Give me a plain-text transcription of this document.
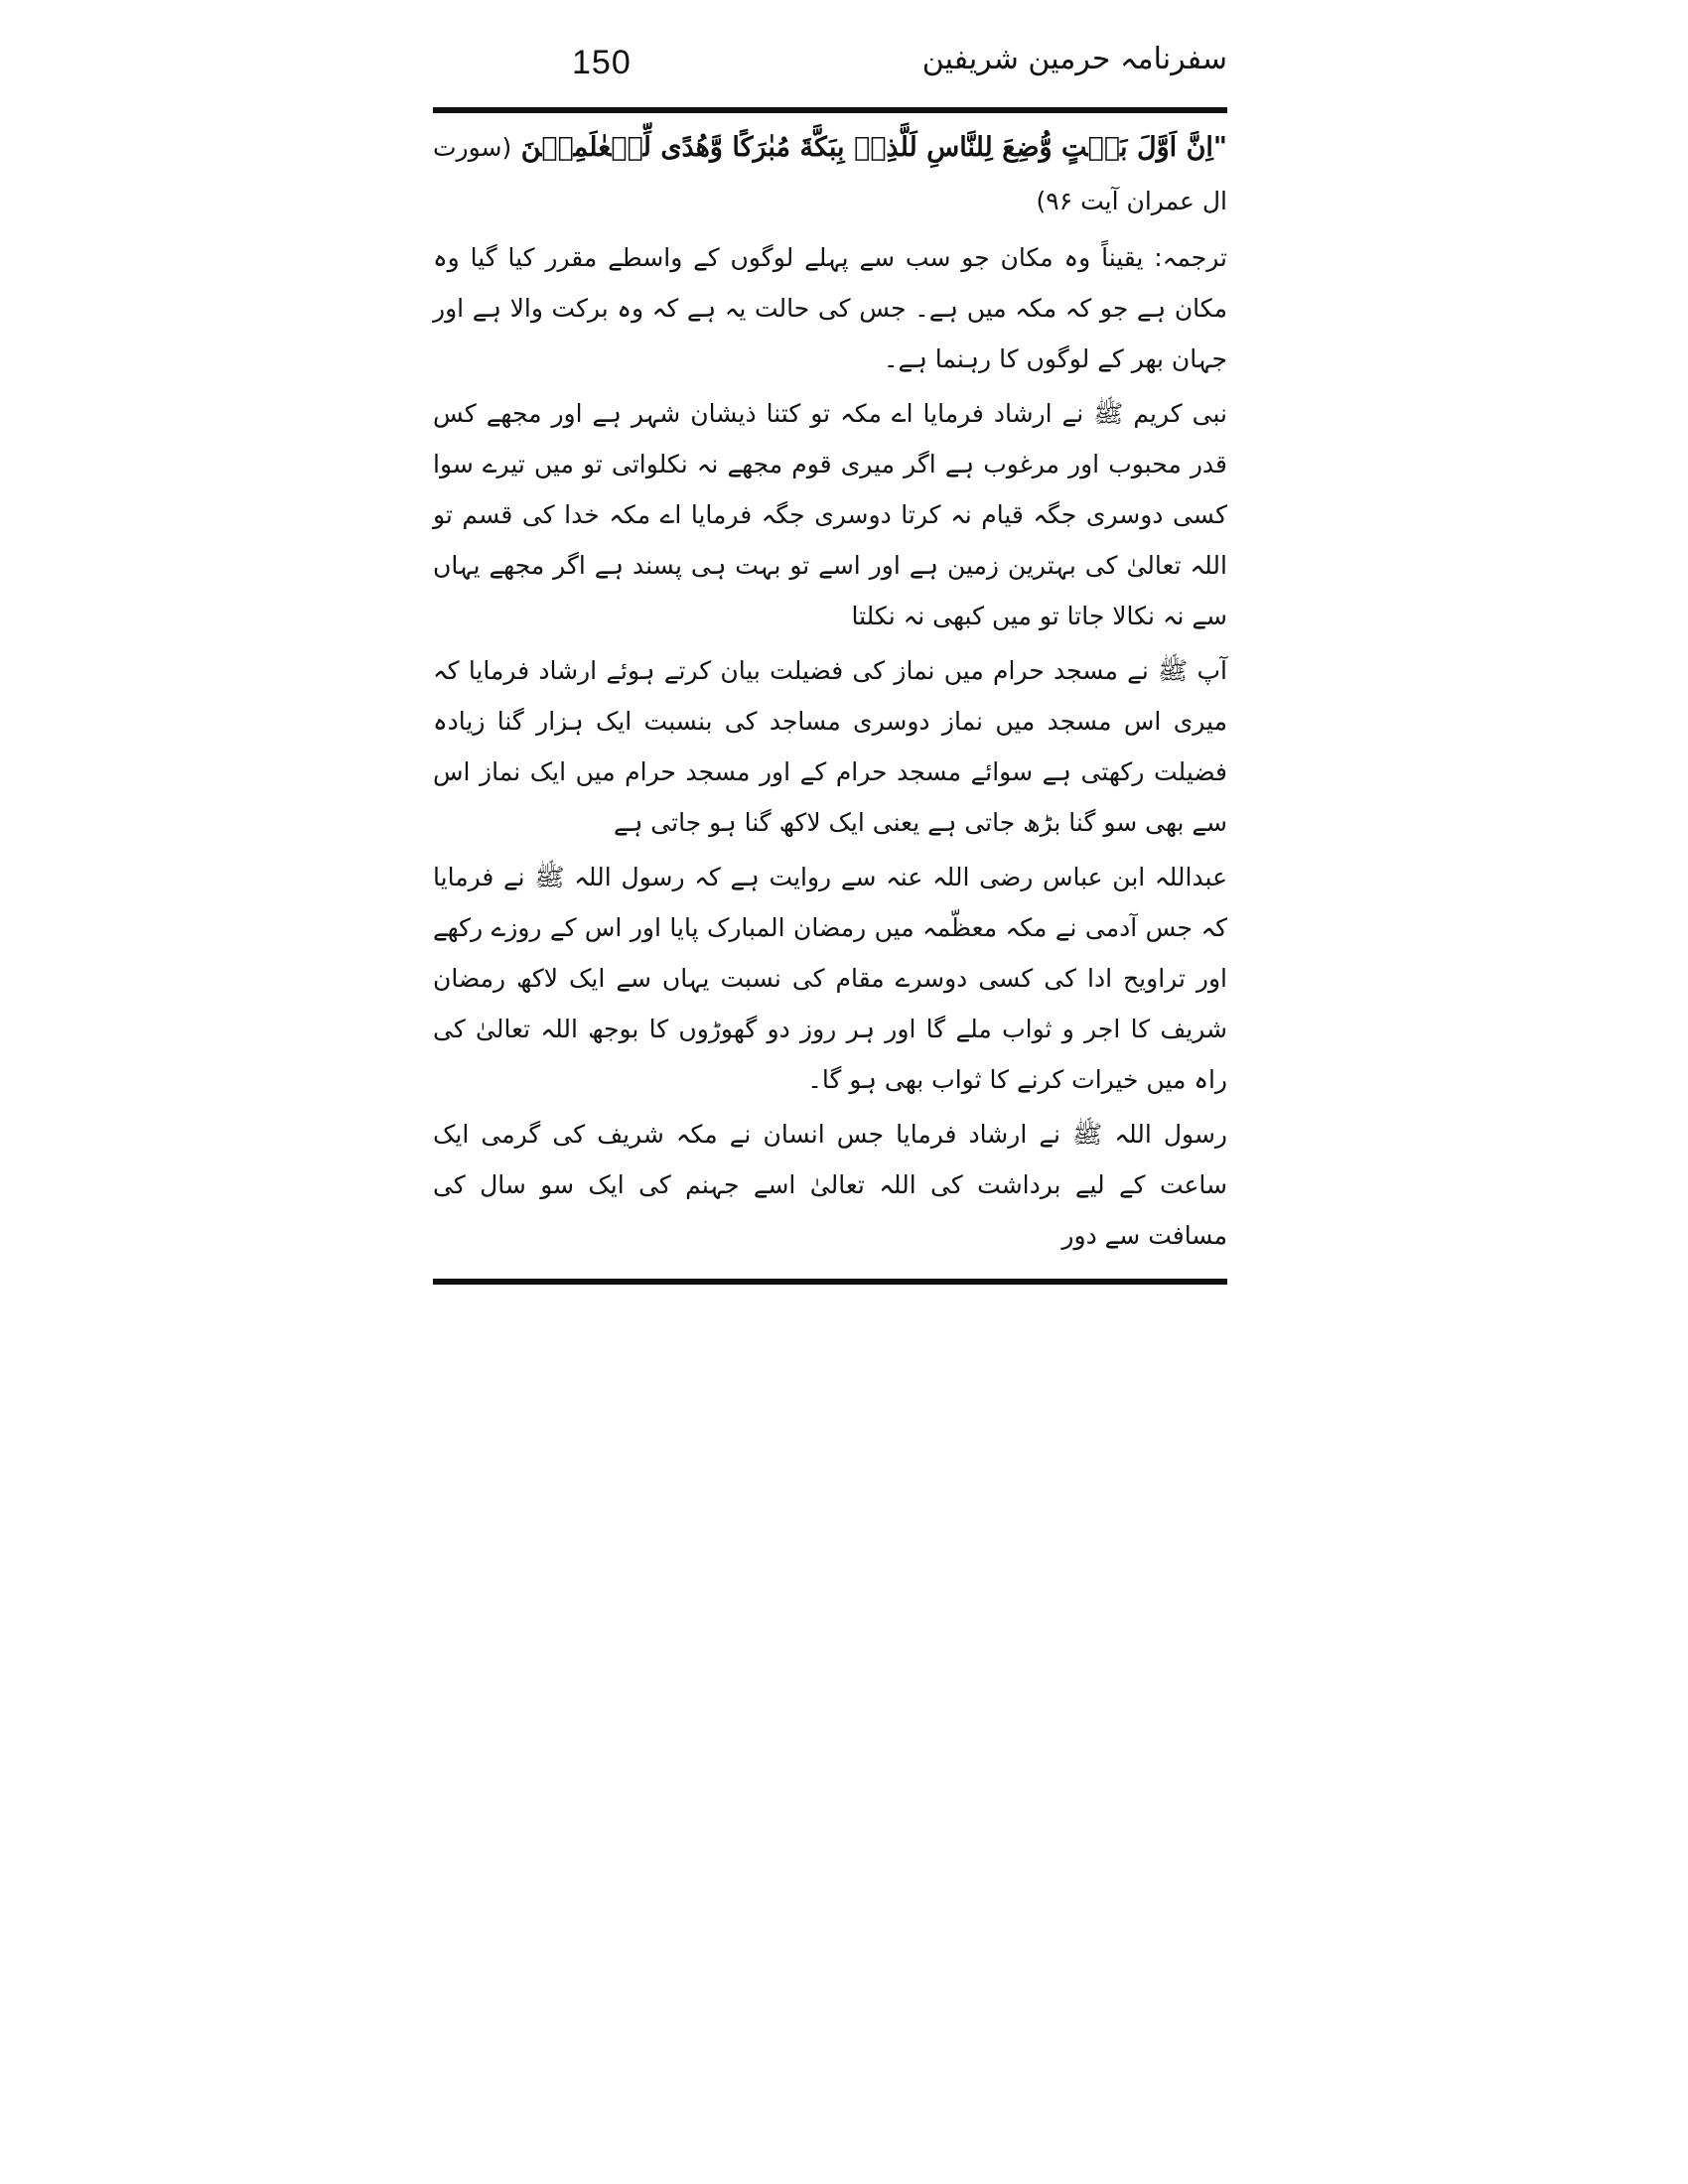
150	سفرنامہ حرمین شریفین

"اِنَّ اَوَّلَ بَيۡتٍ وُّضِعَ لِلنَّاسِ لَلَّذِىۡ بِبَكَّةَ مُبٰرَكًا وَّهُدًى لِّلۡعٰلَمِيۡنَ (سورت ال عمران آیت ۹۶)

ترجمہ: یقیناً وہ مکان جو سب سے پہلے لوگوں کے واسطے مقرر کیا گیا وہ مکان ہے جو کہ مکہ میں ہے۔ جس کی حالت یہ ہے کہ وہ برکت والا ہے اور جہان بھر کے لوگوں کا رہنما ہے۔

نبی کریم ﷺ نے ارشاد فرمایا اے مکہ تو کتنا ذیشان شہر ہے اور مجھے کس قدر محبوب اور مرغوب ہے اگر میری قوم مجھے نہ نکلواتی تو میں تیرے سوا کسی دوسری جگہ قیام نہ کرتا دوسری جگہ فرمایا اے مکہ خدا کی قسم تو اللہ تعالیٰ کی بہترین زمین ہے اور اسے تو بہت ہی پسند ہے اگر مجھے یہاں سے نہ نکالا جاتا تو میں کبھی نہ نکلتا

آپ ﷺ نے مسجد حرام میں نماز کی فضیلت بیان کرتے ہوئے ارشاد فرمایا کہ میری اس مسجد میں نماز دوسری مساجد کی بنسبت ایک ہزار گنا زیادہ فضیلت رکھتی ہے سوائے مسجد حرام کے اور مسجد حرام میں ایک نماز اس سے بھی سو گنا بڑھ جاتی ہے یعنی ایک لاکھ گنا ہو جاتی ہے

عبداللہ ابن عباس رضی اللہ عنہ سے روایت ہے کہ رسول اللہ ﷺ نے فرمایا کہ جس آدمی نے مکہ معظّمہ میں رمضان المبارک پایا اور اس کے روزے رکھے اور تراویح ادا کی کسی دوسرے مقام کی نسبت یہاں سے ایک لاکھ رمضان شریف کا اجر و ثواب ملے گا اور ہر روز دو گھوڑوں کا بوجھ اللہ تعالیٰ کی راہ میں خیرات کرنے کا ثواب بھی ہو گا۔

رسول اللہ ﷺ نے ارشاد فرمایا جس انسان نے مکہ شریف کی گرمی ایک ساعت کے لیے برداشت کی اللہ تعالیٰ اسے جہنم کی ایک سو سال کی مسافت سے دور
